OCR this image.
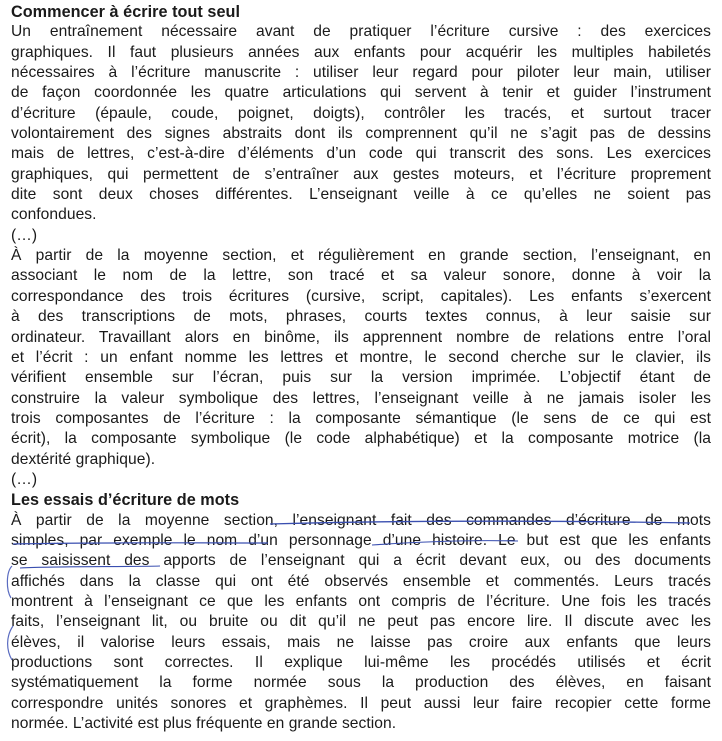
Commencer à écrire tout seul
Un entraînement nécessaire avant de pratiquer l’écriture cursive : des exercices
graphiques. Il faut plusieurs années aux enfants pour acquérir les multiples habiletés
nécessaires à l’écriture manuscrite : utiliser leur regard pour piloter leur main, utiliser
de façon coordonnée les quatre articulations qui servent à tenir et guider l’instrument
d’écriture (épaule, coude, poignet, doigts), contrôler les tracés, et surtout tracer
volontairement des signes abstraits dont ils comprennent qu’il ne s’agit pas de dessins
mais de lettres, c’est-à-dire d’éléments d’un code qui transcrit des sons. Les exercices
graphiques, qui permettent de s’entraîner aux gestes moteurs, et l’écriture proprement
dite sont deux choses différentes. L’enseignant veille à ce qu’elles ne soient pas
confondues.
(…)
À partir de la moyenne section, et régulièrement en grande section, l’enseignant, en
associant le nom de la lettre, son tracé et sa valeur sonore, donne à voir la
correspondance des trois écritures (cursive, script, capitales). Les enfants s’exercent
à des transcriptions de mots, phrases, courts textes connus, à leur saisie sur
ordinateur. Travaillant alors en binôme, ils apprennent nombre de relations entre l’oral
et l’écrit : un enfant nomme les lettres et montre, le second cherche sur le clavier, ils
vérifient ensemble sur l’écran, puis sur la version imprimée. L’objectif étant de
construire la valeur symbolique des lettres, l’enseignant veille à ne jamais isoler les
trois composantes de l’écriture : la composante sémantique (le sens de ce qui est
écrit), la composante symbolique (le code alphabétique) et la composante motrice (la
dextérité graphique).
(…)
Les essais d’écriture de mots
À partir de la moyenne section, l’enseignant fait des commandes d’écriture de mots
simples, par exemple le nom d’un personnage d’une histoire. Le but est que les enfants
se saisissent des apports de l’enseignant qui a écrit devant eux, ou des documents
affichés dans la classe qui ont été observés ensemble et commentés. Leurs tracés
montrent à l’enseignant ce que les enfants ont compris de l’écriture. Une fois les tracés
faits, l’enseignant lit, ou bruite ou dit qu’il ne peut pas encore lire. Il discute avec les
élèves, il valorise leurs essais, mais ne laisse pas croire aux enfants que leurs
productions sont correctes. Il explique lui-même les procédés utilisés et écrit
systématiquement la forme normée sous la production des élèves, en faisant
correspondre unités sonores et graphèmes. Il peut aussi leur faire recopier cette forme
normée. L’activité est plus fréquente en grande section.
